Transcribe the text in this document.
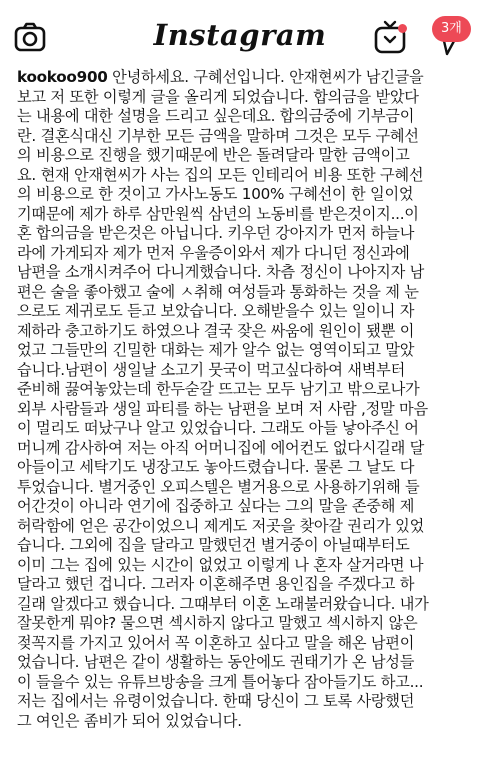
Instagram	3개
kookoo900 안녕하세요. 구혜선입니다. 안재현씨가 남긴글을
보고 저 또한 이렇게 글을 올리게 되었습니다. 합의금을 받았다
는 내용에 대한 설명을 드리고 싶은데요. 합의금중에 기부금이
란. 결혼식대신 기부한 모든 금액을 말하며 그것은 모두 구혜선
의 비용으로 진행을 했기때문에 반은 돌려달라 말한 금액이고
요. 현재 안재현씨가 사는 집의 모든 인테리어 비용 또한 구혜선
의 비용으로 한 것이고 가사노동도 100% 구혜선이 한 일이었
기때문에 제가 하루 삼만원씩 삼년의 노동비를 받은것이지...이
혼 합의금을 받은것은 아닙니다. 키우던 강아지가 먼저 하늘나
라에 가게되자 제가 먼저 우울증이와서 제가 다니던 정신과에
남편을 소개시켜주어 다니게했습니다. 차츰 정신이 나아지자 남
편은 술을 좋아했고 술에 ㅅ취해 여성들과 통화하는 것을 제 눈
으로도 제귀로도 듣고 보았습니다. 오해받을수 있는 일이니 자
제하라 충고하기도 하였으나 결국 잦은 싸움에 원인이 됐뿐 이
었고 그들만의 긴밀한 대화는 제가 알수 없는 영역이되고 말았
습니다.남편이 생일날 소고기 뭇국이 먹고싶다하여 새벽부터
준비해 끓여놓았는데 한두숟갈 뜨고는 모두 남기고 밖으로나가
외부 사람들과 생일 파티를 하는 남편을 보며 저 사람 ,정말 마음
이 멀리도 떠났구나 알고 있었습니다. 그래도 아들 낳아주신 어
머니께 감사하여 저는 아직 어머니집에 에어컨도 없다시길래 달
아들이고 세탁기도 냉장고도 놓아드렸습니다. 물론 그 날도 다
투었습니다. 별거중인 오피스텔은 별거용으로 사용하기위해 들
어간것이 아니라 연기에 집중하고 싶다는 그의 말을 존중해 제
허락함에 얻은 공간이었으니 제게도 저곳을 찾아갈 권리가 있었
습니다. 그외에 집을 달라고 말했던건 별거중이 아닐때부터도
이미 그는 집에 있는 시간이 없었고 이렇게 나 혼자 살거라면 나
달라고 했던 겁니다. 그러자 이혼해주면 용인집을 주겠다고 하
길래 알겠다고 했습니다. 그때부터 이혼 노래불러왔습니다. 내가
잘못한게 뭐야? 물으면 섹시하지 않다고 말했고 섹시하지 않은
젖꼭지를 가지고 있어서 꼭 이혼하고 싶다고 말을 해온 남편이
었습니다. 남편은 같이 생활하는 동안에도 권태기가 온 남성들
이 들을수 있는 유튜브방송을 크게 틀어놓다 잠아들기도 하고...
저는 집에서는 유령이었습니다. 한때 당신이 그 토록 사랑했던
그 여인은 좀비가 되어 있었습니다.
